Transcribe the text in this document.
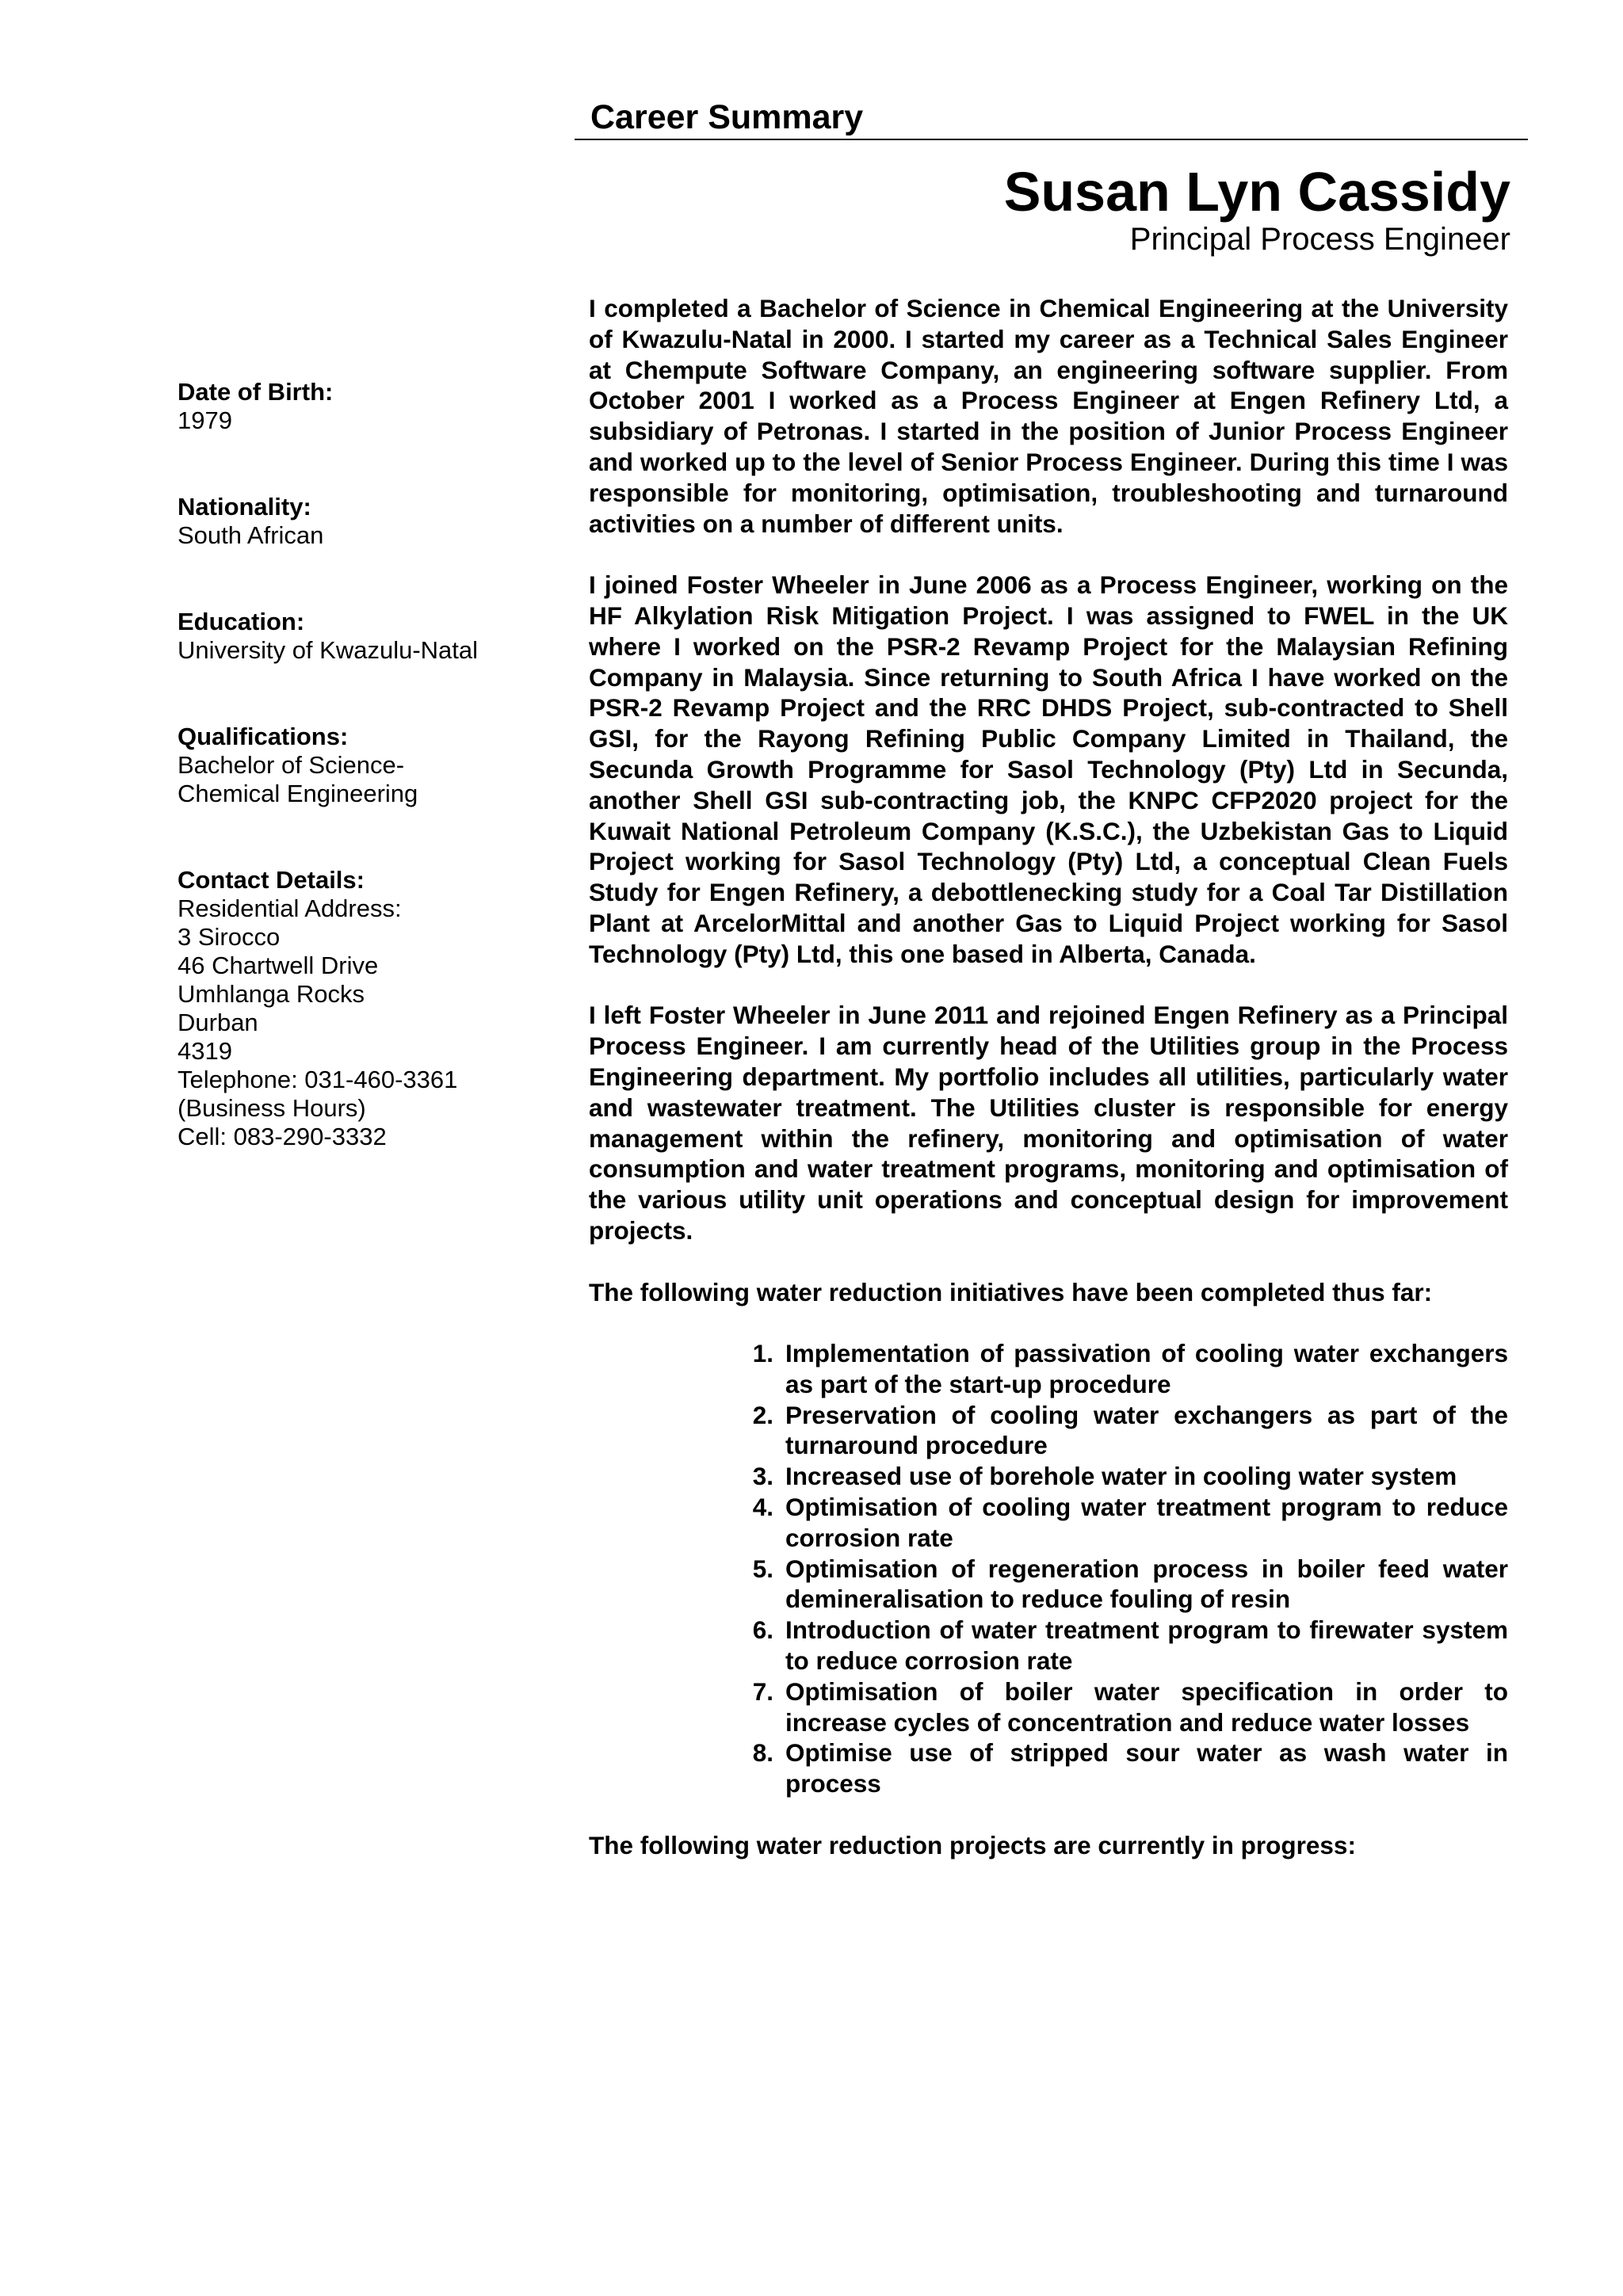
Career Summary
Susan Lyn Cassidy
Principal Process Engineer
Date of Birth:
1979
Nationality:
South African
Education:
University of Kwazulu-Natal
Qualifications:
Bachelor of Science-
Chemical Engineering
Contact Details:
Residential Address:
3 Sirocco
46 Chartwell Drive
Umhlanga Rocks
Durban
4319
Telephone: 031-460-3361
(Business Hours)
Cell: 083-290-3332

I completed a Bachelor of Science in Chemical Engineering at the University of Kwazulu-Natal in 2000. I started my career as a Technical Sales Engineer at Chempute Software Company, an engineering software supplier. From October 2001 I worked as a Process Engineer at Engen Refinery Ltd, a subsidiary of Petronas. I started in the position of Junior Process Engineer and worked up to the level of Senior Process Engineer. During this time I was responsible for monitoring, optimisation, troubleshooting and turnaround activities on a number of different units.

I joined Foster Wheeler in June 2006 as a Process Engineer, working on the HF Alkylation Risk Mitigation Project. I was assigned to FWEL in the UK where I worked on the PSR-2 Revamp Project for the Malaysian Refining Company in Malaysia. Since returning to South Africa I have worked on the PSR-2 Revamp Project and the RRC DHDS Project, sub-contracted to Shell GSI, for the Rayong Refining Public Company Limited in Thailand, the Secunda Growth Programme for Sasol Technology (Pty) Ltd in Secunda, another Shell GSI sub-contracting job, the KNPC CFP2020 project for the Kuwait National Petroleum Company (K.S.C.), the Uzbekistan Gas to Liquid Project working for Sasol Technology (Pty) Ltd, a conceptual Clean Fuels Study for Engen Refinery, a debottlenecking study for a Coal Tar Distillation Plant at ArcelorMittal and another Gas to Liquid Project working for Sasol Technology (Pty) Ltd, this one based in Alberta, Canada.

I left Foster Wheeler in June 2011 and rejoined Engen Refinery as a Principal Process Engineer. I am currently head of the Utilities group in the Process Engineering department. My portfolio includes all utilities, particularly water and wastewater treatment. The Utilities cluster is responsible for energy management within the refinery, monitoring and optimisation of water consumption and water treatment programs, monitoring and optimisation of the various utility unit operations and conceptual design for improvement projects.

The following water reduction initiatives have been completed thus far:

1. Implementation of passivation of cooling water exchangers as part of the start-up procedure
2. Preservation of cooling water exchangers as part of the turnaround procedure
3. Increased use of borehole water in cooling water system
4. Optimisation of cooling water treatment program to reduce corrosion rate
5. Optimisation of regeneration process in boiler feed water demineralisation to reduce fouling of resin
6. Introduction of water treatment program to firewater system to reduce corrosion rate
7. Optimisation of boiler water specification in order to increase cycles of concentration and reduce water losses
8. Optimise use of stripped sour water as wash water in process

The following water reduction projects are currently in progress:
